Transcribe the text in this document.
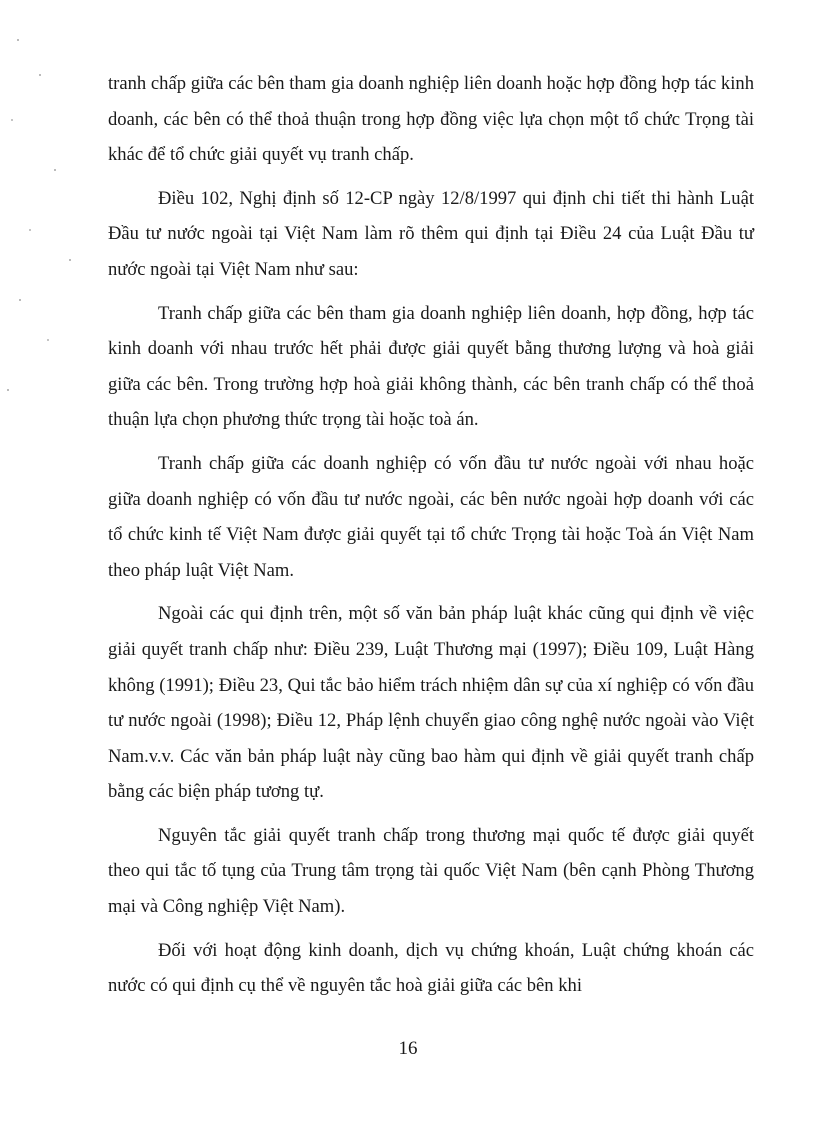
tranh chấp giữa các bên tham gia doanh nghiệp liên doanh hoặc hợp đồng hợp tác kinh doanh, các bên có thể thoả thuận trong hợp đồng việc lựa chọn một tổ chức Trọng tài khác để tổ chức giải quyết vụ tranh chấp.

Điều 102, Nghị định số 12-CP ngày 12/8/1997 qui định chi tiết thi hành Luật Đầu tư nước ngoài tại Việt Nam làm rõ thêm qui định tại Điều 24 của Luật Đầu tư nước ngoài tại Việt Nam như sau:

Tranh chấp giữa các bên tham gia doanh nghiệp liên doanh, hợp đồng, hợp tác kinh doanh với nhau trước hết phải được giải quyết bằng thương lượng và hoà giải giữa các bên. Trong trường hợp hoà giải không thành, các bên tranh chấp có thể thoả thuận lựa chọn phương thức trọng tài hoặc toà án.

Tranh chấp giữa các doanh nghiệp có vốn đầu tư nước ngoài với nhau hoặc giữa doanh nghiệp có vốn đầu tư nước ngoài, các bên nước ngoài hợp doanh với các tổ chức kinh tế Việt Nam được giải quyết tại tổ chức Trọng tài hoặc Toà án Việt Nam theo pháp luật Việt Nam.

Ngoài các qui định trên, một số văn bản pháp luật khác cũng qui định về việc giải quyết tranh chấp như: Điều 239, Luật Thương mại (1997); Điều 109, Luật Hàng không (1991); Điều 23, Qui tắc bảo hiểm trách nhiệm dân sự của xí nghiệp có vốn đầu tư nước ngoài (1998); Điều 12, Pháp lệnh chuyển giao công nghệ nước ngoài vào Việt Nam.v.v. Các văn bản pháp luật này cũng bao hàm qui định về giải quyết tranh chấp bằng các biện pháp tương tự.

Nguyên tắc giải quyết tranh chấp trong thương mại quốc tế được giải quyết theo qui tắc tố tụng của Trung tâm trọng tài quốc Việt Nam (bên cạnh Phòng Thương mại và Công nghiệp Việt Nam).

Đối với hoạt động kinh doanh, dịch vụ chứng khoán, Luật chứng khoán các nước có qui định cụ thể về nguyên tắc hoà giải giữa các bên khi

16
